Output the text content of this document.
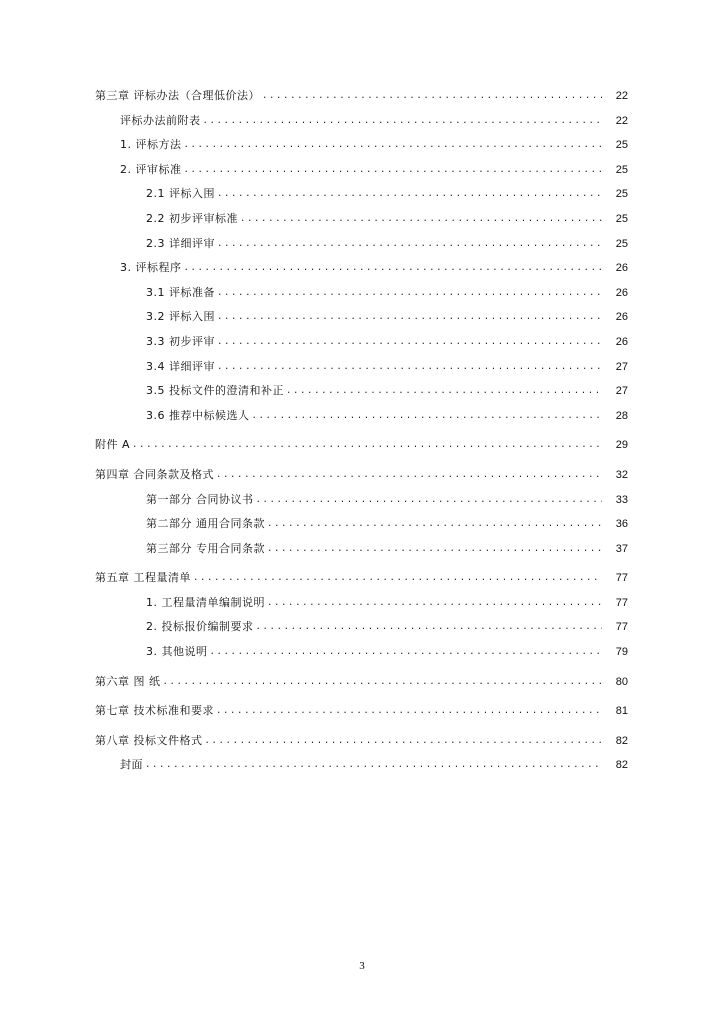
第三章 评标办法（合理低价法） .....	22
评标办法前附表 .....	22
1. 评标方法 .....	25
2. 评审标准 .....	25
2.1 评标入围 .....	25
2.2 初步评审标准 .....	25
2.3 详细评审 .....	25
3. 评标程序 .....	26
3.1 评标准备 .....	26
3.2 评标入围 .....	26
3.3 初步评审 .....	26
3.4 详细评审 .....	27
3.5 投标文件的澄清和补正 .....	27
3.6 推荐中标候选人 .....	28
附件 A .....	29
第四章 合同条款及格式 .....	32
第一部分 合同协议书 .....	33
第二部分 通用合同条款 .....	36
第三部分 专用合同条款 .....	37
第五章 工程量清单 .....	77
1. 工程量清单编制说明 .....	77
2. 投标报价编制要求 .....	77
3. 其他说明 .....	79
第六章 图 纸 .....	80
第七章 技术标准和要求 .....	81
第八章 投标文件格式 .....	82
封面 .....	82
3
